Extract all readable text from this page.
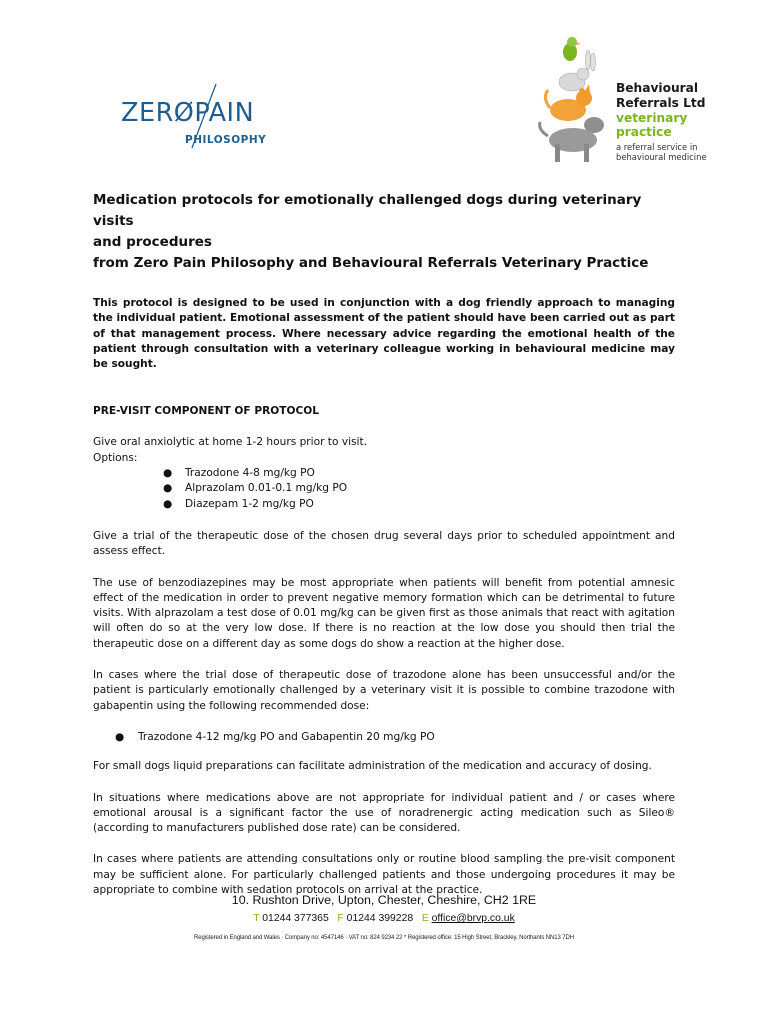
ZERØPAIN
PHILOSOPHY
Behavioural
Referrals Ltd
veterinary
practice
a referral service in
behavioural medicine
Medication protocols for emotionally challenged dogs during veterinary visits
and procedures
from Zero Pain Philosophy and Behavioural Referrals Veterinary Practice

This protocol is designed to be used in conjunction with a dog friendly approach to managing the individual patient. Emotional assessment of the patient should have been carried out as part of that management process. Where necessary advice regarding the emotional health of the patient through consultation with a veterinary colleague working in behavioural medicine may be sought.

PRE-VISIT COMPONENT OF PROTOCOL

Give oral anxiolytic at home 1-2 hours prior to visit.

Options:

● Trazodone 4-8 mg/kg PO
● Alprazolam 0.01-0.1 mg/kg PO
● Diazepam 1-2 mg/kg PO

Give a trial of the therapeutic dose of the chosen drug several days prior to scheduled appointment and assess effect.

The use of benzodiazepines may be most appropriate when patients will benefit from potential amnesic effect of the medication in order to prevent negative memory formation which can be detrimental to future visits. With alprazolam a test dose of 0.01 mg/kg can be given first as those animals that react with agitation will often do so at the very low dose. If there is no reaction at the low dose you should then trial the therapeutic dose on a different day as some dogs do show a reaction at the higher dose.

In cases where the trial dose of therapeutic dose of trazodone alone has been unsuccessful and/or the patient is particularly emotionally challenged by a veterinary visit it is possible to combine trazodone with gabapentin using the following recommended dose:

● Trazodone 4-12 mg/kg PO and Gabapentin 20 mg/kg PO

For small dogs liquid preparations can facilitate administration of the medication and accuracy of dosing.

In situations where medications above are not appropriate for individual patient and / or cases where emotional arousal is a significant factor the use of noradrenergic acting medication such as Sileo® (according to manufacturers published dose rate) can be considered.

In cases where patients are attending consultations only or routine blood sampling the pre-visit component may be sufficient alone. For particularly challenged patients and those undergoing procedures it may be appropriate to combine with sedation protocols on arrival at the practice.

10. Rushton Drive, Upton, Chester, Cheshire, CH2 1RE
T 01244 377365 F 01244 399228 E office@brvp.co.uk
Registered in England and Wales · Company no: 4547146 · VAT no: 824 9234 22 * Registered office: 15 High Street, Brackley, Northants NN13 7DH
